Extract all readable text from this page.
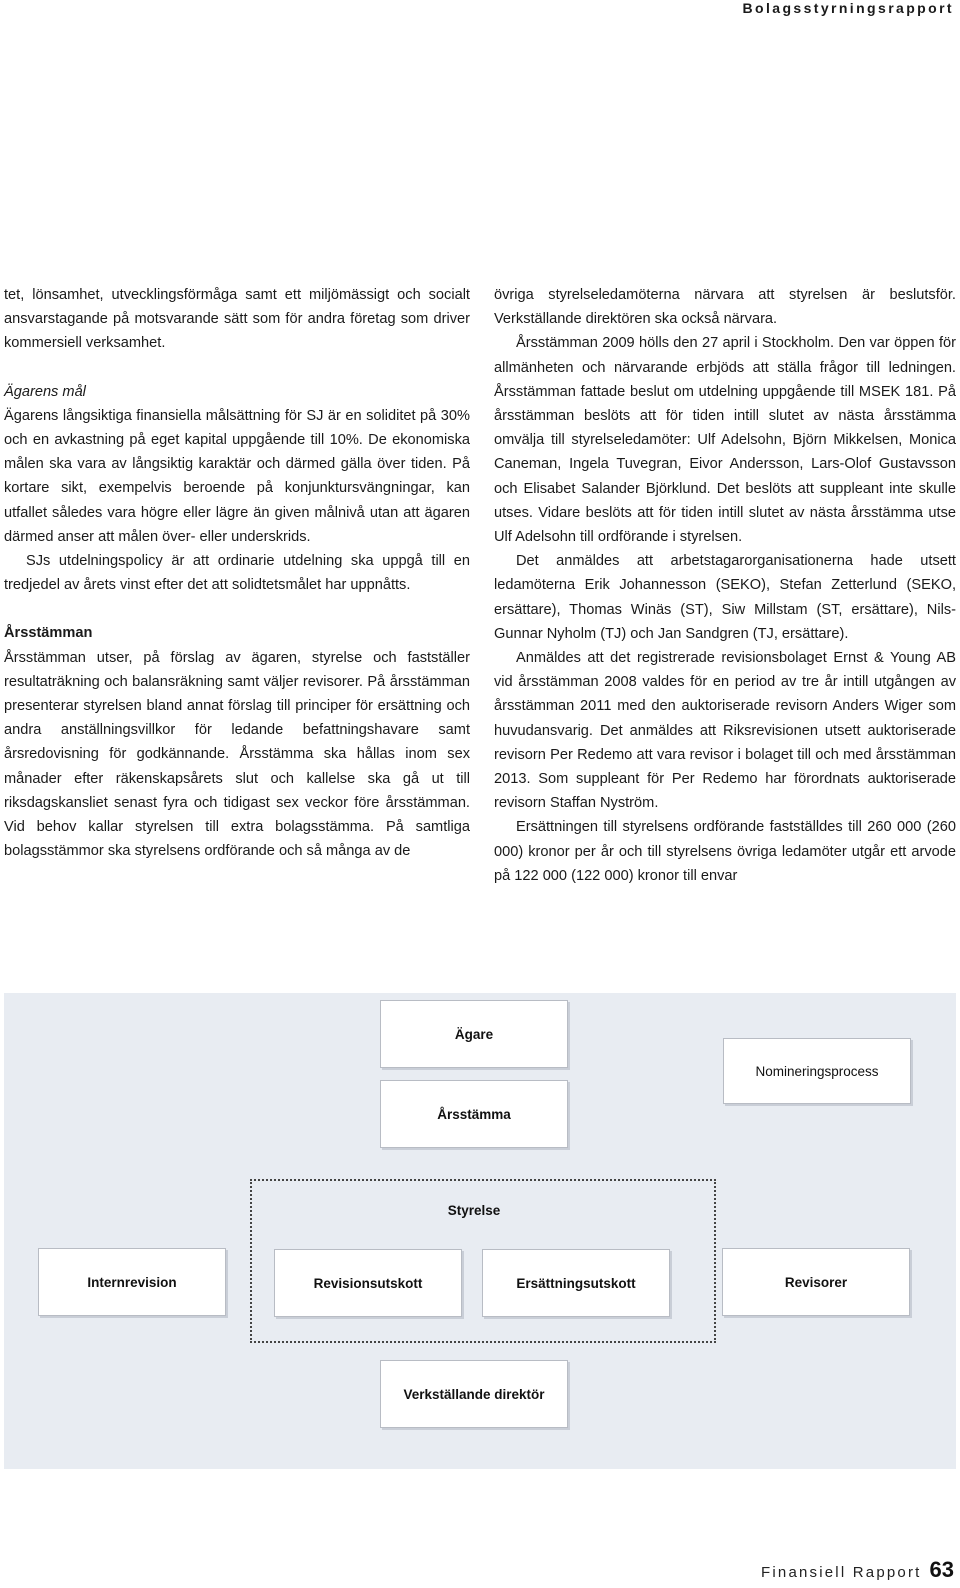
Bolagsstyrningsrapport

tet, lönsamhet, utvecklingsförmåga samt ett miljömässigt och socialt ansvarstagande på motsvarande sätt som för andra företag som driver kommersiell verksamhet.

Ägarens mål

Ägarens långsiktiga finansiella målsättning för SJ är en soliditet på 30% och en avkastning på eget kapital uppgående till 10%. De ekonomiska målen ska vara av långsiktig karaktär och därmed gälla över tiden. På kortare sikt, exempelvis beroende på konjunktursvängningar, kan utfallet således vara högre eller lägre än given målnivå utan att ägaren därmed anser att målen över- eller underskrids.

SJs utdelningspolicy är att ordinarie utdelning ska uppgå till en tredjedel av årets vinst efter det att solidtetsmålet har uppnåtts.

Årsstämman

Årsstämman utser, på förslag av ägaren, styrelse och fastställer resultaträkning och balansräkning samt väljer revisorer. På årsstämman presenterar styrelsen bland annat förslag till principer för ersättning och andra anställningsvillkor för ledande befattningshavare samt årsredovisning för godkännande. Årsstämma ska hållas inom sex månader efter räkenskapsårets slut och kallelse ska gå ut till riksdagskansliet senast fyra och tidigast sex veckor före årsstämman. Vid behov kallar styrelsen till extra bolagsstämma. På samtliga bolagsstämmor ska styrelsens ordförande och så många av de

övriga styrelseledamöterna närvara att styrelsen är beslutsför. Verkställande direktören ska också närvara.

Årsstämman 2009 hölls den 27 april i Stockholm. Den var öppen för allmänheten och närvarande erbjöds att ställa frågor till ledningen. Årsstämman fattade beslut om utdelning uppgående till MSEK 181. På årsstämman beslöts att för tiden intill slutet av nästa årsstämma omvälja till styrelseledamöter: Ulf Adelsohn, Björn Mikkelsen, Monica Caneman, Ingela Tuvegran, Eivor Andersson, Lars-Olof Gustavsson och Elisabet Salander Björklund. Det beslöts att suppleant inte skulle utses. Vidare beslöts att för tiden intill slutet av nästa årsstämma utse Ulf Adelsohn till ordförande i styrelsen.

Det anmäldes att arbetstagarorganisationerna hade utsett ledamöterna Erik Johannesson (SEKO), Stefan Zetterlund (SEKO, ersättare), Thomas Winäs (ST), Siw Millstam (ST, ersättare), Nils-Gunnar Nyholm (TJ) och Jan Sandgren (TJ, ersättare).

Anmäldes att det registrerade revisionsbolaget Ernst & Young AB vid årsstämman 2008 valdes för en period av tre år intill utgången av årsstämman 2011 med den auktoriserade revisorn Anders Wiger som huvudansvarig. Det anmäldes att Riksrevisionen utsett auktoriserade revisorn Per Redemo att vara revisor i bolaget till och med årsstämman 2013. Som suppleant för Per Redemo har förordnats auktoriserade revisorn Staffan Nyström.

Ersättningen till styrelsens ordförande fastställdes till 260 000 (260 000) kronor per år och till styrelsens övriga ledamöter utgår ett arvode på 122 000 (122 000) kronor till envar

Ägare
Årsstämma
Nomineringsprocess
Styrelse
Internrevision	Revisionsutskott	Ersättningsutskott	Revisorer
Verkställande direktör
Finansiell Rapport 63
